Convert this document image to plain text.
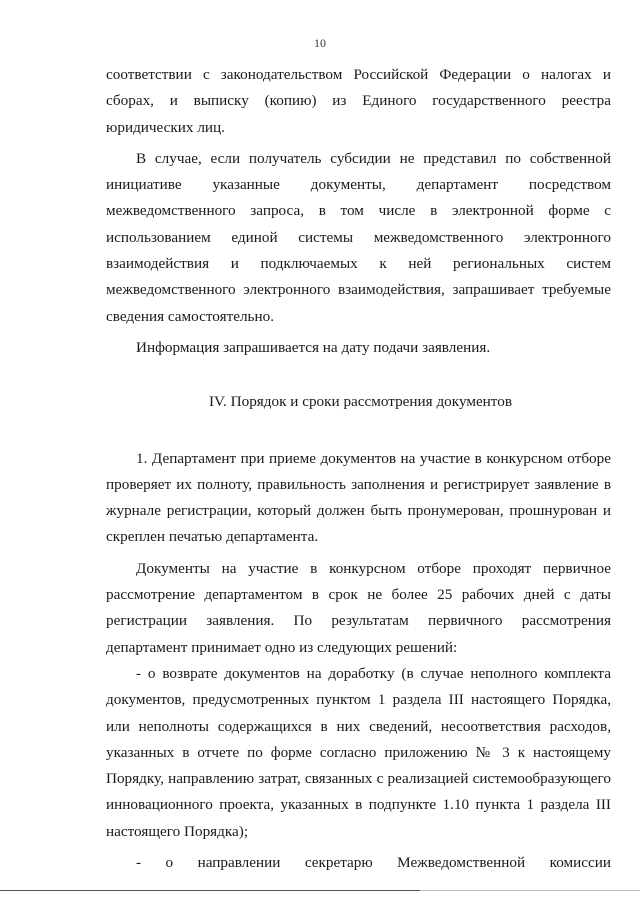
10

соответствии с законодательством Российской Федерации о налогах и сборах, и выписку (копию) из Единого государственного реестра юридических лиц.

В случае, если получатель субсидии не представил по собственной инициативе указанные документы, департамент посредством межведомственного запроса, в том числе в электронной форме с использованием единой системы межведомственного электронного взаимодействия и подключаемых к ней региональных систем межведомственного электронного взаимодействия, запрашивает требуемые сведения самостоятельно.

Информация запрашивается на дату подачи заявления.

IV. Порядок и сроки рассмотрения документов

1. Департамент при приеме документов на участие в конкурсном отборе проверяет их полноту, правильность заполнения и регистрирует заявление в журнале регистрации, который должен быть пронумерован, прошнурован и скреплен печатью департамента.

Документы на участие в конкурсном отборе проходят первичное рассмотрение департаментом в срок не более 25 рабочих дней с даты регистрации заявления. По результатам первичного рассмотрения департамент принимает одно из следующих решений:

- о возврате документов на доработку (в случае неполного комплекта документов, предусмотренных пунктом 1 раздела III настоящего Порядка, или неполноты содержащихся в них сведений, несоответствия расходов, указанных в отчете по форме согласно приложению № 3 к настоящему Порядку, направлению затрат, связанных с реализацией системообразующего инновационного проекта, указанных в подпункте 1.10 пункта 1 раздела III настоящего Порядка);

- о направлении секретарю Межведомственной комиссии
